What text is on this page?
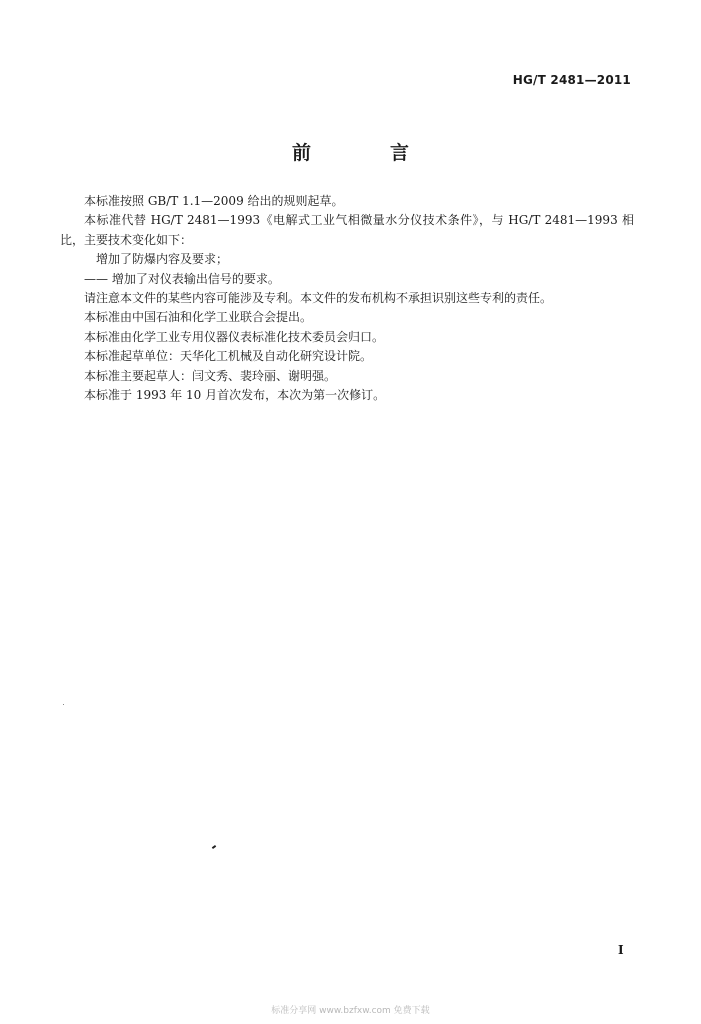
HG/T 2481—2011
前　言

本标准按照 GB/T 1.1—2009 给出的规则起草。

本标准代替 HG/T 2481—1993《电解式工业气相微量水分仪技术条件》，与 HG/T 2481—1993 相比，主要技术变化如下：

增加了防爆内容及要求；

—— 增加了对仪表输出信号的要求。

请注意本文件的某些内容可能涉及专利。本文件的发布机构不承担识别这些专利的责任。

本标准由中国石油和化学工业联合会提出。

本标准由化学工业专用仪器仪表标准化技术委员会归口。

本标准起草单位：天华化工机械及自动化研究设计院。

本标准主要起草人：闫文秀、裴玲丽、谢明强。

本标准于 1993 年 10 月首次发布，本次为第一次修订。

I
标准分享网 www.bzfxw.com 免费下载
